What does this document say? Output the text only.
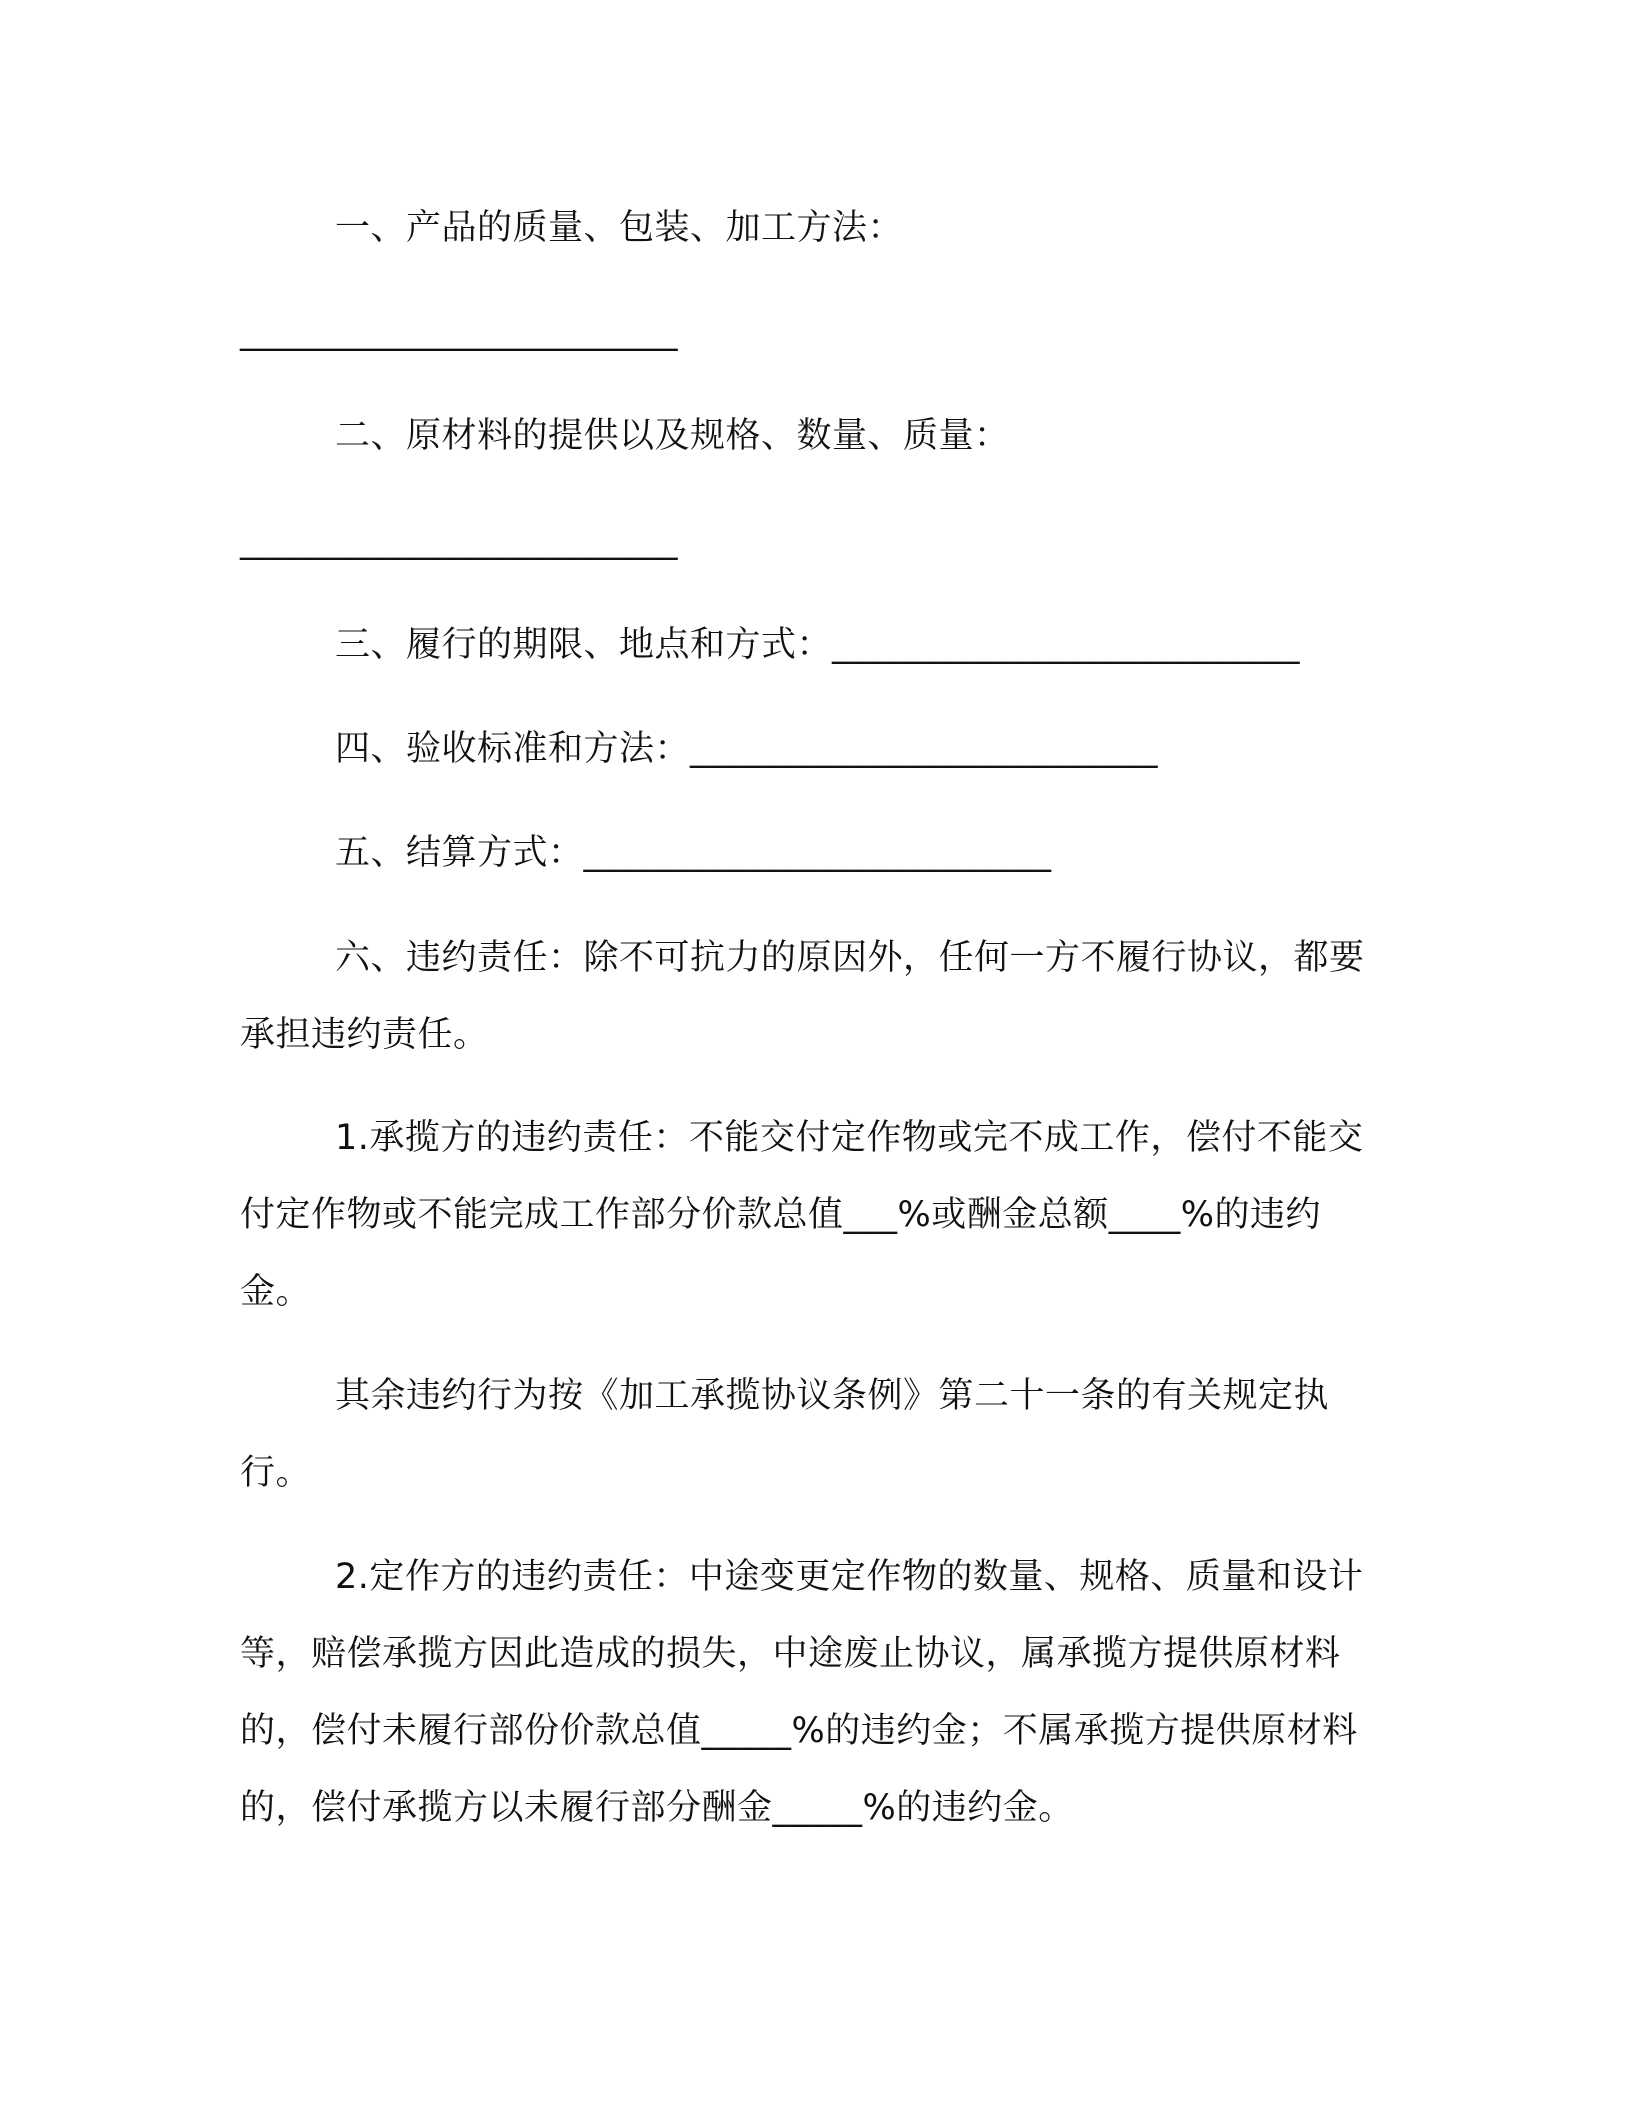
一、产品的质量、包装、加工方法：

_________________________

二、原材料的提供以及规格、数量、质量：

_________________________

三、履行的期限、地点和方式：__________________________

四、验收标准和方法：__________________________

五、结算方式：__________________________

六、违约责任：除不可抗力的原因外，任何一方不履行协议，都要承担违约责任。

1.承揽方的违约责任：不能交付定作物或完不成工作，偿付不能交付定作物或不能完成工作部分价款总值___%或酬金总额____%的违约金。

其余违约行为按《加工承揽协议条例》第二十一条的有关规定执行。

2.定作方的违约责任：中途变更定作物的数量、规格、质量和设计等，赔偿承揽方因此造成的损失，中途废止协议，属承揽方提供原材料的，偿付未履行部份价款总值_____%的违约金；不属承揽方提供原材料的，偿付承揽方以未履行部分酬金_____%的违约金。
